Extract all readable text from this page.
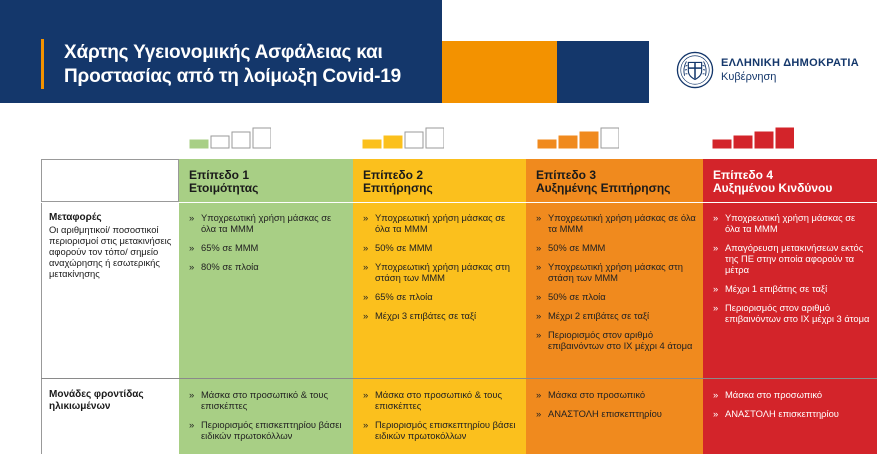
Χάρτης Υγειονομικής Ασφάλειας και
Προστασίας από τη λοίμωξη Covid-19
ΕΛΛΗΝΙΚΗ ΔΗΜΟΚΡΑΤΙΑ
Κυβέρνηση
Μεταφορές
Οι αριθμητικοί/ ποσοστικοί περιορισμοί στις μετακινήσεις αφορούν τον τόπο/ σημείο αναχώρησης ή εσωτερικής μετακίνησης
Μονάδες φροντίδας ηλικιωμένων
Επίπεδο 1
Ετοιμότητας
» Υποχρεωτική χρήση μάσκας σε όλα τα ΜΜΜ
» 65% σε ΜΜΜ
» 80% σε πλοία
» Μάσκα στο προσωπικό & τους επισκέπτες
» Περιορισμός επισκεπτηρίου βάσει ειδικών πρωτοκόλλων
Επίπεδο 2
Επιτήρησης
» Υποχρεωτική χρήση μάσκας σε όλα τα ΜΜΜ
» 50% σε ΜΜΜ
» Υποχρεωτική χρήση μάσκας στη στάση των ΜΜΜ
» 65% σε πλοία
» Μέχρι 3 επιβάτες σε ταξί
» Μάσκα στο προσωπικό & τους επισκέπτες
» Περιορισμός επισκεπτηρίου βάσει ειδικών πρωτοκόλλων
Επίπεδο 3
Αυξημένης Επιτήρησης
» Υποχρεωτική χρήση μάσκας σε όλα τα ΜΜΜ
» 50% σε ΜΜΜ
» Υποχρεωτική χρήση μάσκας στη στάση των ΜΜΜ
» 50% σε πλοία
» Μέχρι 2 επιβάτες σε ταξί
» Περιορισμός στον αριθμό επιβαινόντων στο ΙΧ μέχρι 4 άτομα
» Μάσκα στο προσωπικό
» ΑΝΑΣΤΟΛΗ επισκεπτηρίου
Επίπεδο 4
Αυξημένου Κινδύνου
» Υποχρεωτική χρήση μάσκας σε όλα τα ΜΜΜ
» Απαγόρευση μετακινήσεων εκτός της ΠΕ στην οποία αφορούν τα μέτρα
» Μέχρι 1 επιβάτης σε ταξί
» Περιορισμός στον αριθμό επιβαινόντων στο ΙΧ μέχρι 3 άτομα
» Μάσκα στο προσωπικό
» ΑΝΑΣΤΟΛΗ επισκεπτηρίου
